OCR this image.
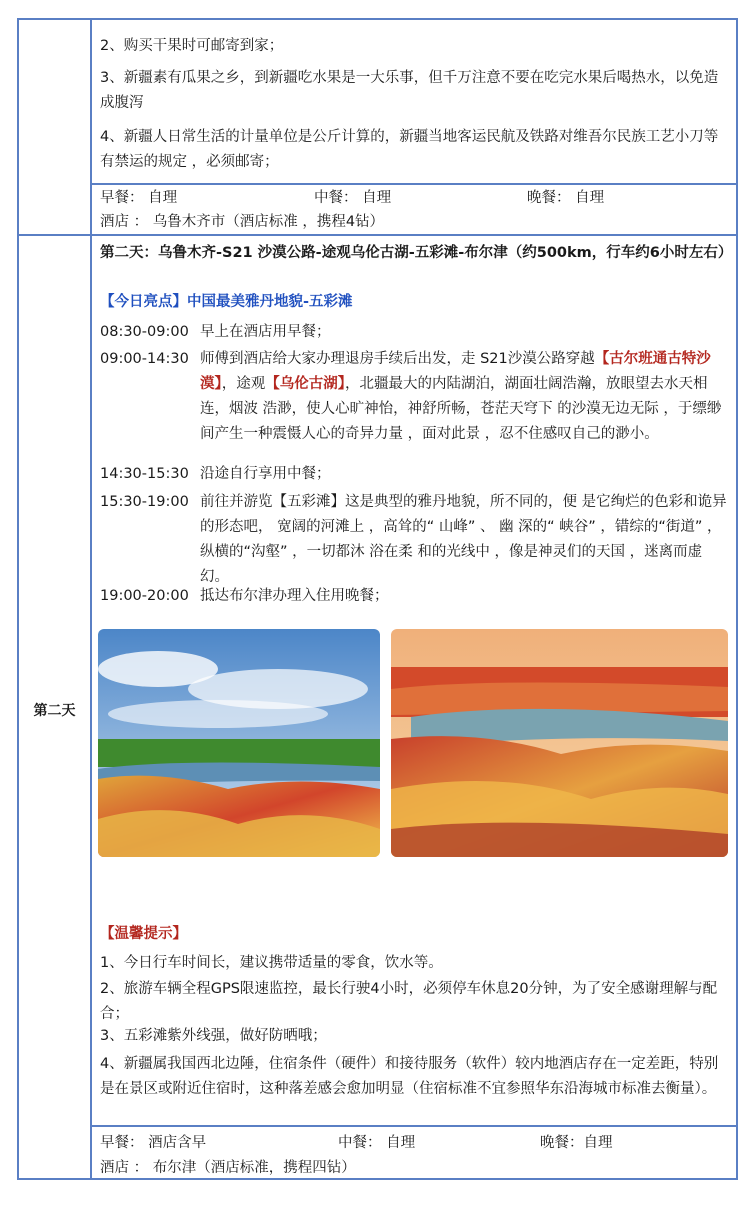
2、购买干果时可邮寄到家；
3、新疆素有瓜果之乡，到新疆吃水果是一大乐事，但千万注意不要在吃完水果后喝热水，以免造成腹泻
4、新疆人日常生活的计量单位是公斤计算的，新疆当地客运民航及铁路对维吾尔民族工艺小刀等有禁运的规定 ，必须邮寄；
早餐： 自理	中餐： 自理	晚餐： 自理
酒店 ： 乌鲁木齐市（酒店标准 ，携程4钻）
第二天
第二天：乌鲁木齐-S21 沙漠公路-途观乌伦古湖-五彩滩-布尔津（约500km，行车约6小时左右）
【今日亮点】中国最美雅丹地貌-五彩滩
08:30-09:00 早上在酒店用早餐；
09:00-14:30 师傅到酒店给大家办理退房手续后出发，走 S21沙漠公路穿越【古尔班通古特沙漠】，途观【乌伦古湖】，北疆最大的内陆湖泊，湖面壮阔浩瀚，放眼望去水天相连，烟波 浩渺，使人心旷神怡，神舒所畅，苍茫天穹下 的沙漠无边无际 ，于缥缈 间产生一种震慑人心的奇异力量 ，面对此景 ，忍不住感叹自己的渺小。
14:30-15:30 沿途自行享用中餐；
15:30-19:00 前往并游览【五彩滩】这是典型的雅丹地貌，所不同的，便 是它绚烂的色彩和诡异的形态吧， 宽阔的河滩上 ，高耸的“ 山峰” 、 幽 深的“ 峡谷” ，错综的“街道” ，纵横的“沟壑” ，一切都沐 浴在柔 和的光线中 ，像是神灵们的天国 ，迷离而虚幻。
19:00-20:00 抵达布尔津办理入住用晚餐；
【温馨提示】
1、今日行车时间长，建议携带适量的零食，饮水等。
2、旅游车辆全程GPS限速监控，最长行驶4小时，必须停车休息20分钟，为了安全感谢理解与配合；
3、五彩滩紫外线强，做好防晒哦；
4、新疆属我国西北边陲，住宿条件（硬件）和接待服务（软件）较内地酒店存在一定差距，特别是在景区或附近住宿时，这种落差感会愈加明显（住宿标准不宜参照华东沿海城市标准去衡量）。
早餐： 酒店含早	中餐： 自理	晚餐：自理
酒店 ： 布尔津（酒店标准，携程四钻）
